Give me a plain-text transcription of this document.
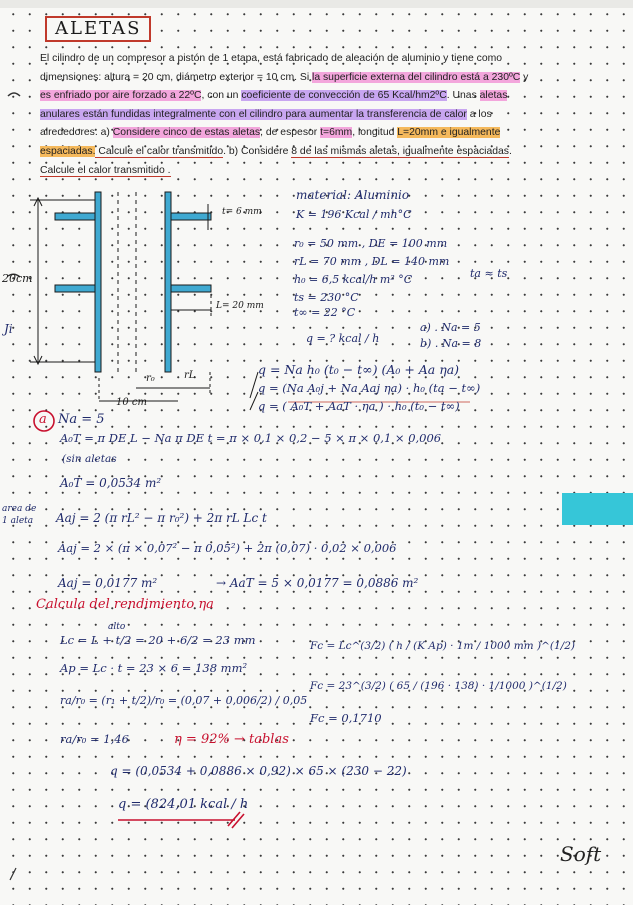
ALETAS

El cilindro de un compresor a pistón de 1 etapa, está fabricado de aleación de aluminio y tiene como

dimensiones: altura = 20 cm, diámetro exterior = 10 cm. Si la superficie externa del cilindro está a 230ºC y

es enfriado por aire forzado a 22ºC, con un coeficiente de convección de 65 Kcal/hm2ºC. Unas aletas

anulares están fundidas integralmente con el cilindro para aumentar la transferencia de calor a los

alrededores. a) Considere cinco de estas aletas, de espesor t=6mm, longitud L=20mm e igualmente

espaciadas. Calcule el calor transmitido. b) Considere 8 de las mismas aletas, igualmente espaciadas.

Calcule el calor transmitido .

20cm
Ji
t= 6 mm
L= 20 mm
r₀	rL
10 cm
material: Aluminio
K = 196 Kcal / mh°C
r₀ = 50 mm , DE = 100 mm
rL = 70 mm , DL = 140 mm
h₀ = 6,5 kcal/h m² °C	ta ≈ ts
ts = 230 °C
t∞ = 22 °C
q = ? kcal / h
a) . Na = 5
b) . Na = 8
q = Na h₀ (t₀ − t∞) (A₀ + Aa ηa)
q = (Na A₀j + Na Aaj ηa) · h₀ (ta − t∞)
q = ( A₀T + AaT · ηa ) · h₀ (t₀ − t∞)
a Na = 5
A₀T = π DE L − Na π DE t = π × 0,1 × 0,2 − 5 × π × 0,1 × 0,006
(sin aletas
A₀T = 0,0534 m²
area de
1 aleta Aaj = 2 (π rL² − π r₀²) + 2π rL Lc t
Aaj = 2 × (π × 0,07² − π 0,05²) + 2π (0,07) · 0,02 × 0,006
Aaj = 0,0177 m²	→ AaT = 5 × 0,0177 = 0,0886 m²
Calcula del rendimiento ηa
alto
Lc = L + t/2 = 20 + 6/2 = 23 mm
Ap = Lc · t = 23 × 6 = 138 mm²
ra/r₀ = (r₁ + t/2)/r₀ = (0,07 + 0,006/2) / 0,05
ra/r₀ = 1,46	η = 92% → tablas
Fc = Lc^(3/2) ( h / (K Ap) · 1m / 1000 mm )^(1/2)
Fc = 23^(3/2) ( 65 / (196 · 138) · 1/1000 )^(1/2)
Fc = 0,1710
q = (0,0534 + 0,0886 × 0,92) × 65 × (230 − 22)
q = (824,01 kcal / h
Soft
